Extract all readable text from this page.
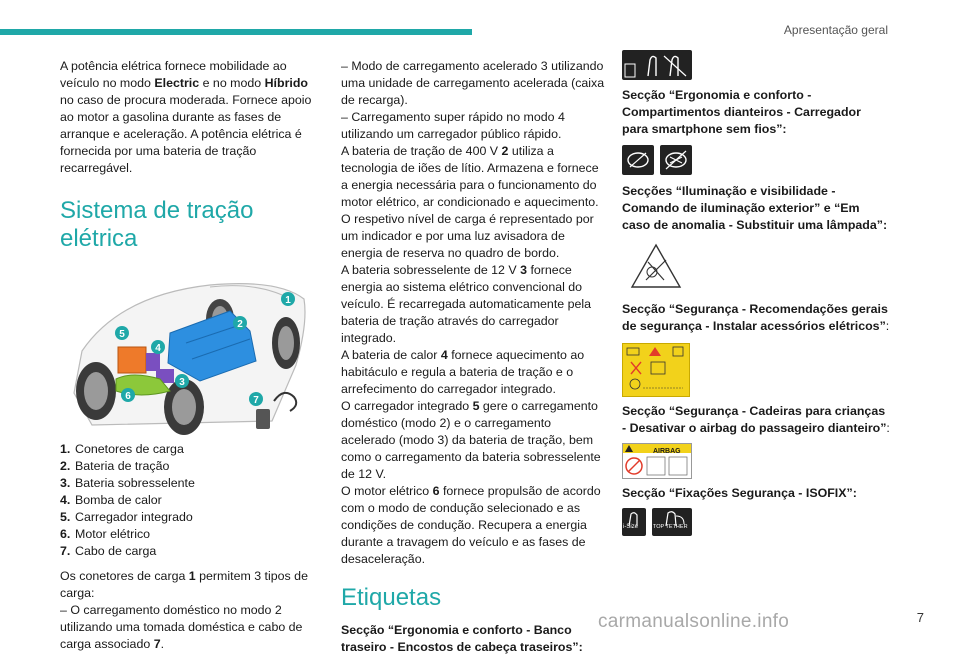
Apresentação geral

A potência elétrica fornece mobilidade ao veículo no modo Electric e no modo Híbrido no caso de procura moderada. Fornece apoio ao motor a gasolina durante as fases de arranque e aceleração. A potência elétrica é fornecida por uma bateria de tração recarregável.

Sistema de tração elétrica
1
2
3
4
5
6	7
1. Conetores de carga
2. Bateria de tração
3. Bateria sobresselente
4. Bomba de calor
5. Carregador integrado
6. Motor elétrico
7. Cabo de carga

Os conetores de carga 1 permitem 3 tipos de carga:

– O carregamento doméstico no modo 2 utilizando uma tomada doméstica e cabo de carga associado 7.

– Modo de carregamento acelerado 3 utilizando uma unidade de carregamento acelerada (caixa de recarga).

– Carregamento super rápido no modo 4 utilizando um carregador público rápido.

A bateria de tração de 400 V 2 utiliza a tecnologia de iões de lítio. Armazena e fornece a energia necessária para o funcionamento do motor elétrico, ar condicionado e aquecimento. O respetivo nível de carga é representado por um indicador e por uma luz avisadora de energia de reserva no quadro de bordo.

A bateria sobresselente de 12 V 3 fornece energia ao sistema elétrico convencional do veículo. É recarregada automaticamente pela bateria de tração através do carregador integrado.

A bateria de calor 4 fornece aquecimento ao habitáculo e regula a bateria de tração e o arrefecimento do carregador integrado.

O carregador integrado 5 gere o carregamento doméstico (modo 2) e o carregamento acelerado (modo 3) da bateria de tração, bem como o carregamento da bateria sobresselente de 12 V.

O motor elétrico 6 fornece propulsão de acordo com o modo de condução selecionado e as condições de condução. Recupera a energia durante a travagem do veículo e as fases de desaceleração.

Etiquetas

Secção “Ergonomia e conforto - Banco traseiro - Encostos de cabeça traseiros”:

Secção “Ergonomia e conforto - Compartimentos dianteiros - Carregador para smartphone sem fios”:

Secções “Iluminação e visibilidade - Comando de iluminação exterior” e “Em caso de anomalia - Substituir uma lâmpada”:

Secção “Segurança - Recomendações gerais de segurança - Instalar acessórios elétricos”:

Secção “Segurança - Cadeiras para crianças - Desativar o airbag do passageiro dianteiro”:

AIRBAG

Secção “Fixações Segurança - ISOFIX”:

i-Size	TOP TETHER
carmanualsonline.info	7
